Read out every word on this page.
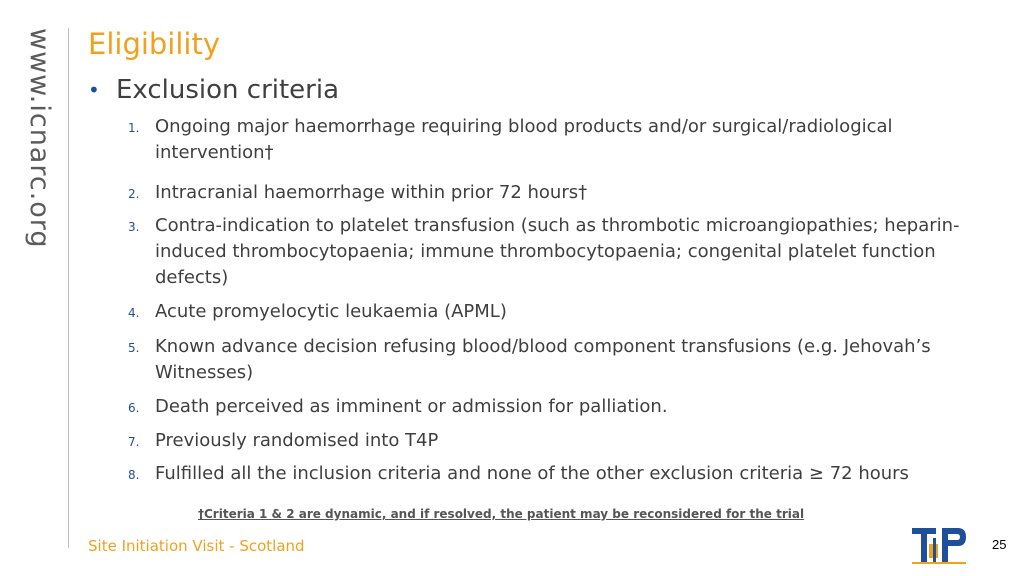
www.icnarc.org Eligibility
• Exclusion criteria
1. Ongoing major haemorrhage requiring blood products and/or surgical/radiological intervention†
2. Intracranial haemorrhage within prior 72 hours†
3. Contra-indication to platelet transfusion (such as thrombotic microangiopathies; heparin-induced thrombocytopaenia; immune thrombocytopaenia; congenital platelet function defects)
4. Acute promyelocytic leukaemia (APML)
5. Known advance decision refusing blood/blood component transfusions (e.g. Jehovah’s Witnesses)
6. Death perceived as imminent or admission for palliation.
7. Previously randomised into T4P
8. Fulfilled all the inclusion criteria and none of the other exclusion criteria ≥ 72 hours
†Criteria 1 & 2 are dynamic, and if resolved, the patient may be reconsidered for the trial
Site Initiation Visit - Scotland	25
